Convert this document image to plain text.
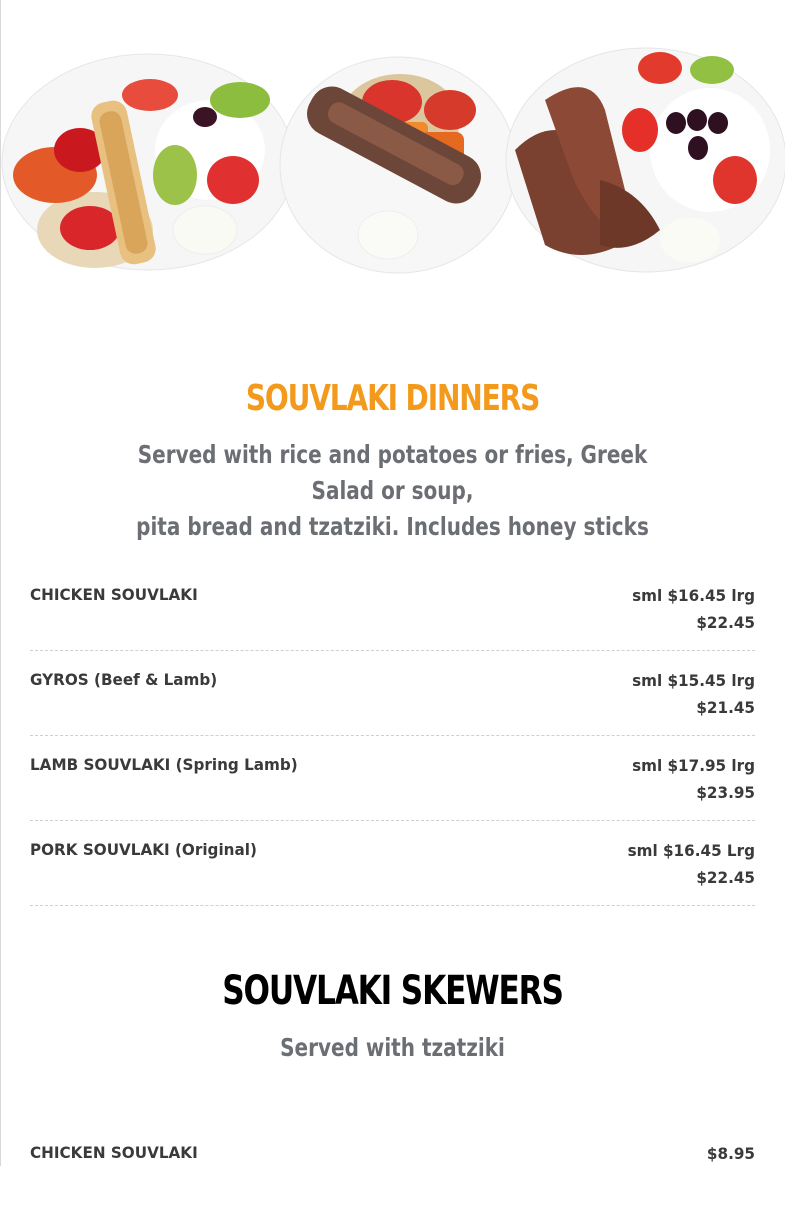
SOUVLAKI DINNERS
Served with rice and potatoes or fries, Greek Salad or soup,
pita bread and tzatziki. Includes honey sticks
CHICKEN SOUVLAKI	sml $16.45 lrg
$22.45
GYROS (Beef & Lamb)	sml $15.45 lrg
$21.45
LAMB SOUVLAKI (Spring Lamb)	sml $17.95 lrg
$23.95
PORK SOUVLAKI (Original)	sml $16.45 Lrg
$22.45
SOUVLAKI SKEWERS
Served with tzatziki
CHICKEN SOUVLAKI	$8.95
